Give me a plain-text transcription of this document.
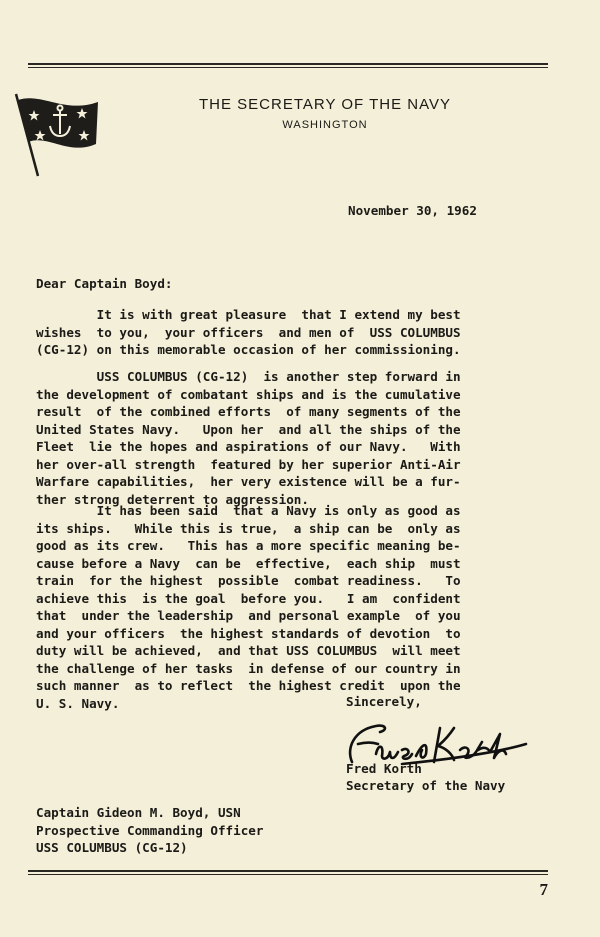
THE SECRETARY OF THE NAVY
WASHINGTON
November 30, 1962
Dear Captain Boyd:
It is with great pleasure  that I extend my best
wishes  to you,  your officers  and men of  USS COLUMBUS
(CG-12) on this memorable occasion of her commissioning.
USS COLUMBUS (CG-12)  is another step forward in
the development of combatant ships and is the cumulative
result  of the combined efforts  of many segments of the
United States Navy.   Upon her  and all the ships of the
Fleet  lie the hopes and aspirations of our Navy.   With
her over-all strength  featured by her superior Anti-Air
Warfare capabilities,  her very existence will be a fur-
ther strong deterrent to aggression.
It has been said  that a Navy is only as good as
its ships.   While this is true,  a ship can be  only as
good as its crew.   This has a more specific meaning be-
cause before a Navy  can be  effective,  each ship  must
train  for the highest  possible  combat readiness.   To
achieve this  is the goal  before you.   I am  confident
that  under the leadership  and personal example  of you
and your officers  the highest standards of devotion  to
duty will be achieved,  and that USS COLUMBUS  will meet
the challenge of her tasks  in defense of our country in
such manner  as to reflect  the highest credit  upon the
U. S. Navy.	Sincerely,
Fred Korth
Secretary of the Navy
Captain Gideon M. Boyd, USN
Prospective Commanding Officer
USS COLUMBUS (CG-12)
7
